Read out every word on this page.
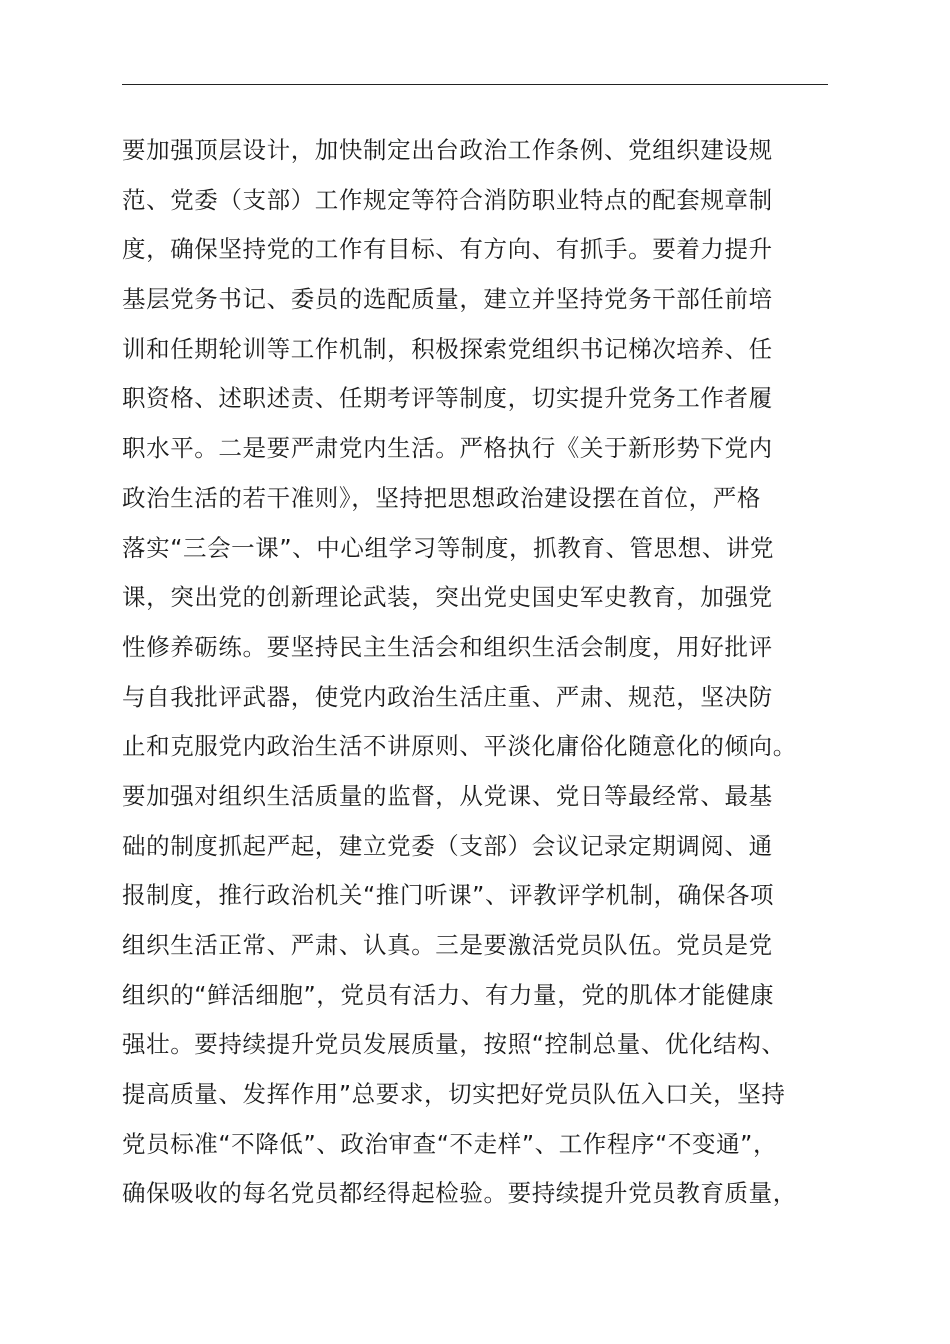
要加强顶层设计，加快制定出台政治工作条例、党组织建设规
范、党委（支部）工作规定等符合消防职业特点的配套规章制
度，确保坚持党的工作有目标、有方向、有抓手。要着力提升
基层党务书记、委员的选配质量，建立并坚持党务干部任前培
训和任期轮训等工作机制，积极探索党组织书记梯次培养、任
职资格、述职述责、任期考评等制度，切实提升党务工作者履
职水平。二是要严肃党内生活。严格执行《关于新形势下党内
政治生活的若干准则》，坚持把思想政治建设摆在首位，严格
落实“三会一课”、中心组学习等制度，抓教育、管思想、讲党
课，突出党的创新理论武装，突出党史国史军史教育，加强党
性修养砺练。要坚持民主生活会和组织生活会制度，用好批评
与自我批评武器，使党内政治生活庄重、严肃、规范，坚决防
止和克服党内政治生活不讲原则、平淡化庸俗化随意化的倾向。
要加强对组织生活质量的监督，从党课、党日等最经常、最基
础的制度抓起严起，建立党委（支部）会议记录定期调阅、通
报制度，推行政治机关“推门听课”、评教评学机制，确保各项
组织生活正常、严肃、认真。三是要激活党员队伍。党员是党
组织的“鲜活细胞”，党员有活力、有力量，党的肌体才能健康
强壮。要持续提升党员发展质量，按照“控制总量、优化结构、
提高质量、发挥作用”总要求，切实把好党员队伍入口关，坚持
党员标准“不降低”、政治审查“不走样”、工作程序“不变通”，
确保吸收的每名党员都经得起检验。要持续提升党员教育质量，
